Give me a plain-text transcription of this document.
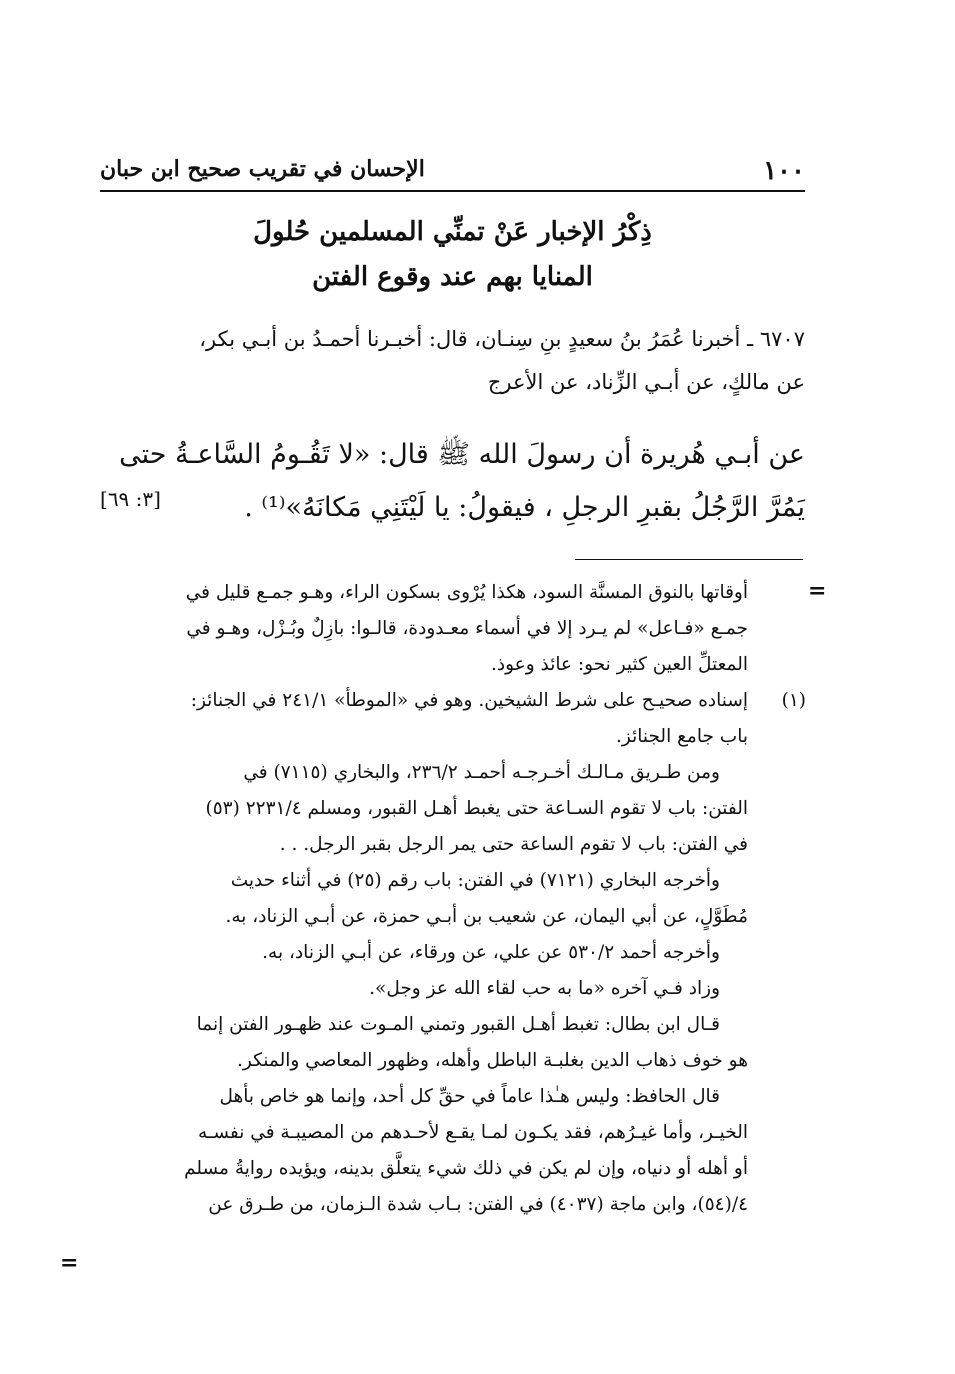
١٠٠
الإحسان في تقريب صحيح ابن حبان
ذِكْرُ الإخبار عَنْ تمنِّي المسلمين حُلولَ
المنايا بهم عند وقوع الفتن
٦٧٠٧ ـ أخبرنا عُمَرُ بنُ سعيدٍ بنِ سِنـان، قال: أخبـرنا أحمـدُ بن أبـي بكر،
عن مالكٍ، عن أبـي الزِّناد، عن الأعرج
عن أبـي هُريرة أن رسولَ الله ﷺ قال: «لا تَقُـومُ السَّاعـةُ حتى
يَمُرَّ الرَّجُلُ بقبرِ الرجلِ ، فيقولُ: يا لَيْتَنِي مَكانَهُ»⁽¹⁾ .
[٣: ٦٩]
=
أوقاتها بالنوق المسنَّة السود، هكذا يُرْوى بسكون الراء، وهـو جمـع قليل في
جمـع «فـاعل» لم يـرد إلا في أسماء معـدودة، قالـوا: بازِلٌ وبُـزْل، وهـو في
المعتلِّ العين كثير نحو: عائذ وعوذ.
(١)
إسناده صحيـح على شرط الشيخين. وهو في «الموطأ» ٢٤١/١ في الجنائز:
باب جامع الجنائز.
ومن طـريق مـالـك أخـرجـه أحمـد ٢٣٦/٢، والبخاري (٧١١٥) في
الفتن: باب لا تقوم السـاعة حتى يغبط أهـل القبور، ومسلم ٢٢٣١/٤ (٥٣)
في الفتن: باب لا تقوم الساعة حتى يمر الرجل بقبر الرجل. . .
وأخرجه البخاري (٧١٢١) في الفتن: باب رقم (٢٥) في أثناء حديث
مُطَوَّلٍ، عن أبي اليمان، عن شعيب بن أبـي حمزة، عن أبـي الزناد، به.
وأخرجه أحمد ٥٣٠/٢ عن علي، عن ورقاء، عن أبـي الزناد، به.
وزاد فـي آخره «ما به حب لقاء الله عز وجل».
قـال ابن بطال: تغبط أهـل القبور وتمني المـوت عند ظهـور الفتن إنما
هو خوف ذهاب الدين بغلبـة الباطل وأهله، وظهور المعاصي والمنكر.
قال الحافظ: وليس هـٰذا عاماً في حقِّ كل أحد، وإنما هو خاص بأهل
الخيـر، وأما غيـرُهم، فقد يكـون لمـا يقـع لأحـدهم من المصيبـة في نفسـه
أو أهله أو دنياه، وإن لم يكن في ذلك شيء يتعلَّق بدينه، ويؤيده روايةُ مسلم
٤/(٥٤)، وابن ماجة (٤٠٣٧) في الفتن: بـاب شدة الـزمان، من طـرق عن
=
